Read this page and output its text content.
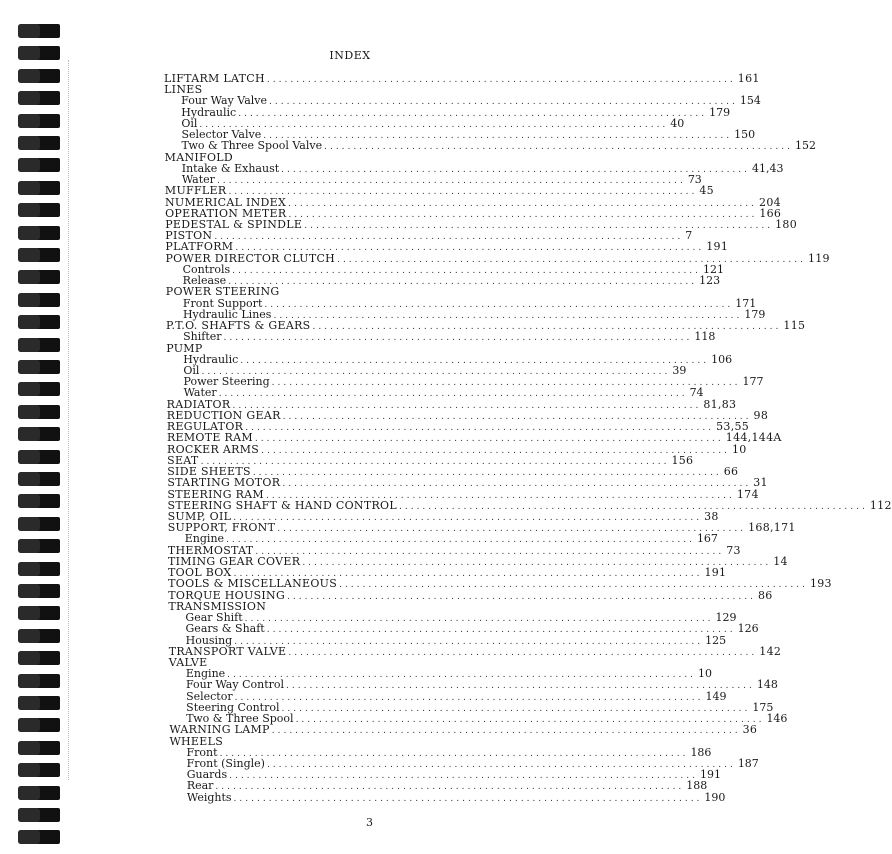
INDEX
LIFTARM LATCH ................................................................................ 161
LINES
Four Way Valve ................................................................................ 154
Hydraulic ................................................................................ 179
Oil ................................................................................ 40
Selector Valve ................................................................................ 150
Two & Three Spool Valve ................................................................................ 152
MANIFOLD
Intake & Exhaust ................................................................................ 41,43
Water ................................................................................ 73
MUFFLER ................................................................................ 45
NUMERICAL INDEX ................................................................................ 204
OPERATION METER ................................................................................ 166
PEDESTAL & SPINDLE ................................................................................ 180
PISTON ................................................................................ 7
PLATFORM ................................................................................ 191
POWER DIRECTOR CLUTCH ................................................................................ 119
Controls ................................................................................ 121
Release ................................................................................ 123
POWER STEERING
Front Support ................................................................................ 171
Hydraulic Lines ................................................................................ 179
P.T.O. SHAFTS & GEARS ................................................................................ 115
Shifter ................................................................................ 118
PUMP
Hydraulic ................................................................................ 106
Oil ................................................................................ 39
Power Steering ................................................................................ 177
Water ................................................................................ 74
RADIATOR ................................................................................ 81,83
REDUCTION GEAR ................................................................................ 98
REGULATOR ................................................................................ 53,55
REMOTE RAM ................................................................................ 144,144A
ROCKER ARMS ................................................................................ 10
SEAT ................................................................................ 156
SIDE SHEETS ................................................................................ 66
STARTING MOTOR ................................................................................ 31
STEERING RAM ................................................................................ 174
STEERING SHAFT & HAND CONTROL ................................................................................ 112
SUMP, OIL ................................................................................ 38
SUPPORT, FRONT ................................................................................ 168,171
Engine ................................................................................ 167
THERMOSTAT ................................................................................ 73
TIMING GEAR COVER ................................................................................ 14
TOOL BOX ................................................................................ 191
TOOLS & MISCELLANEOUS ................................................................................ 193
TORQUE HOUSING ................................................................................ 86
TRANSMISSION
Gear Shift ................................................................................ 129
Gears & Shaft ................................................................................ 126
Housing ................................................................................ 125
TRANSPORT VALVE ................................................................................ 142
VALVE
Engine ................................................................................ 10
Four Way Control ................................................................................ 148
Selector ................................................................................ 149
Steering Control ................................................................................ 175
Two & Three Spool ................................................................................ 146
WARNING LAMP ................................................................................ 36
WHEELS
Front ................................................................................ 186
Front (Single) ................................................................................ 187
Guards ................................................................................ 191
Rear ................................................................................ 188
Weights ................................................................................ 190
3
